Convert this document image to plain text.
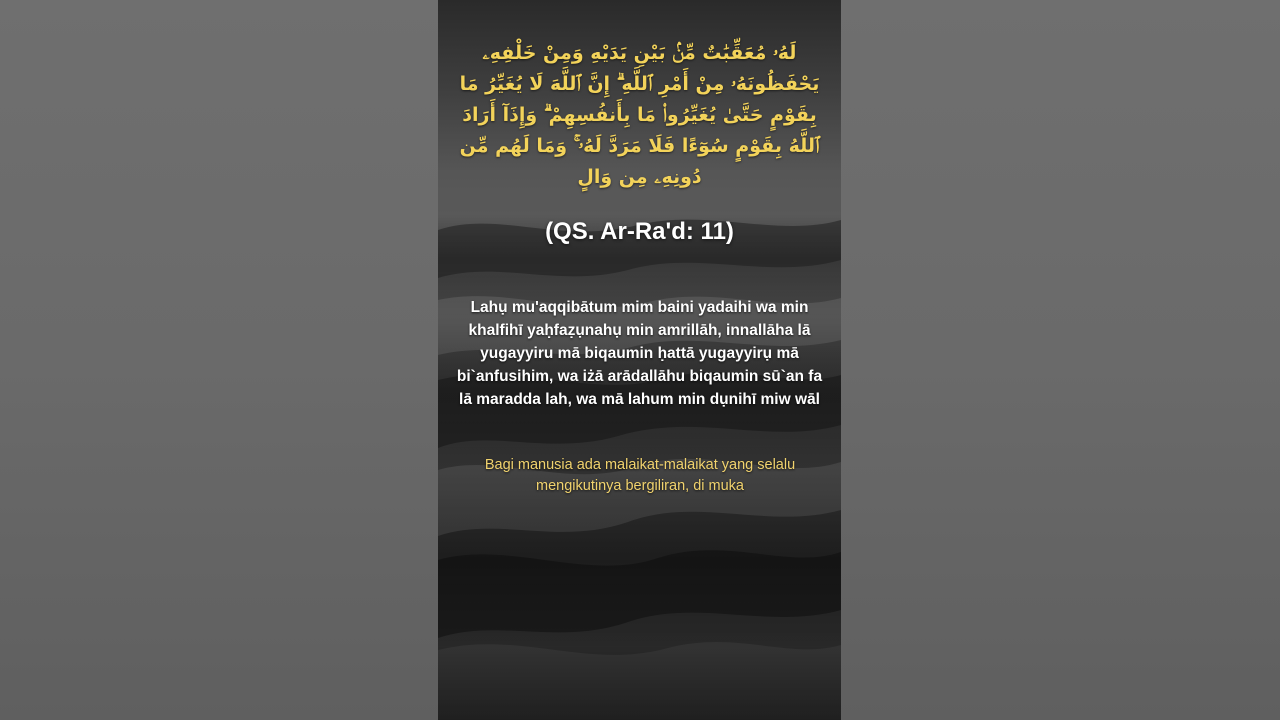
لَهُۥ مُعَقِّبَٰتٌ مِّنۢ بَيْنِ يَدَيْهِ وَمِنْ خَلْفِهِۦ يَحْفَظُونَهُۥ مِنْ أَمْرِ ٱللَّهِ ۗ إِنَّ ٱللَّهَ لَا يُغَيِّرُ مَا بِقَوْمٍ حَتَّىٰ يُغَيِّرُوا۟ مَا بِأَنفُسِهِمْ ۗ وَإِذَآ أَرَادَ ٱللَّهُ بِقَوْمٍ سُوٓءًا فَلَا مَرَدَّ لَهُۥ ۚ وَمَا لَهُم مِّن دُونِهِۦ مِن وَالٍ
(QS. Ar-Ra'd: 11)
Lahụ mu'aqqibātum mim baini yadaihi wa min khalfihī yaḥfaẓụnahụ min amrillāh, innallāha lā yugayyiru mā biqaumin ḥattā yugayyirụ mā bi`anfusihim, wa iżā arādallāhu biqaumin sū`an fa lā maradda lah, wa mā lahum min dụnihī miw wāl
Bagi manusia ada malaikat-malaikat yang selalu mengikutinya bergiliran, di muka
